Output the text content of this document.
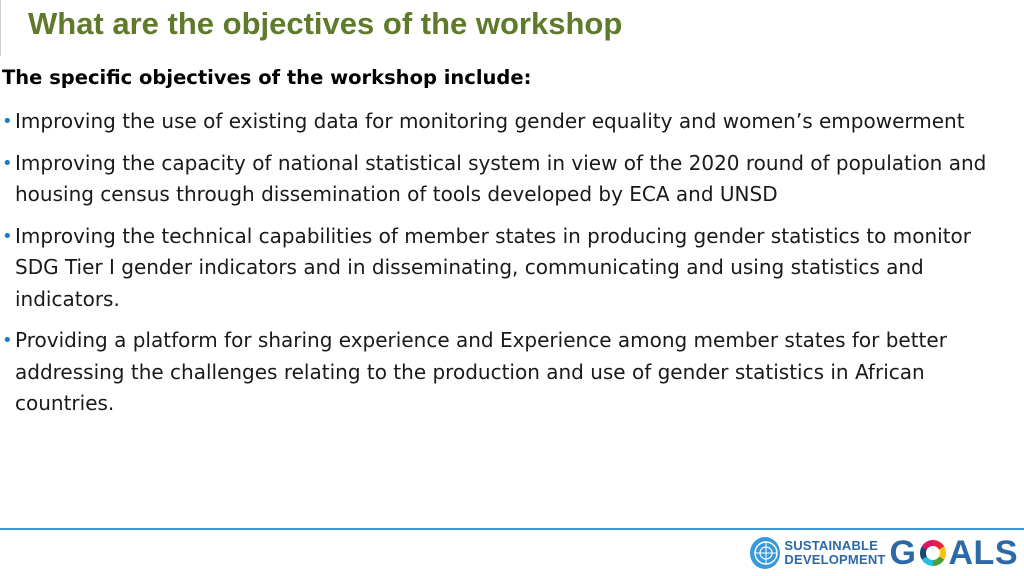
What are the objectives of the workshop
The specific objectives of the workshop include:
• Improving the use of existing data for monitoring gender equality and women’s empowerment
• Improving the capacity of national statistical system in view of the 2020 round of population and housing census through dissemination of tools developed by ECA and UNSD
• Improving the technical capabilities of member states in producing gender statistics to monitor SDG Tier I gender indicators and in disseminating, communicating and using statistics and indicators.
• Providing a platform for sharing experience and Experience among member states for better addressing the challenges relating to the production and use of gender statistics in African countries.
SUSTAINABLE
DEVELOPMENT G ALS
